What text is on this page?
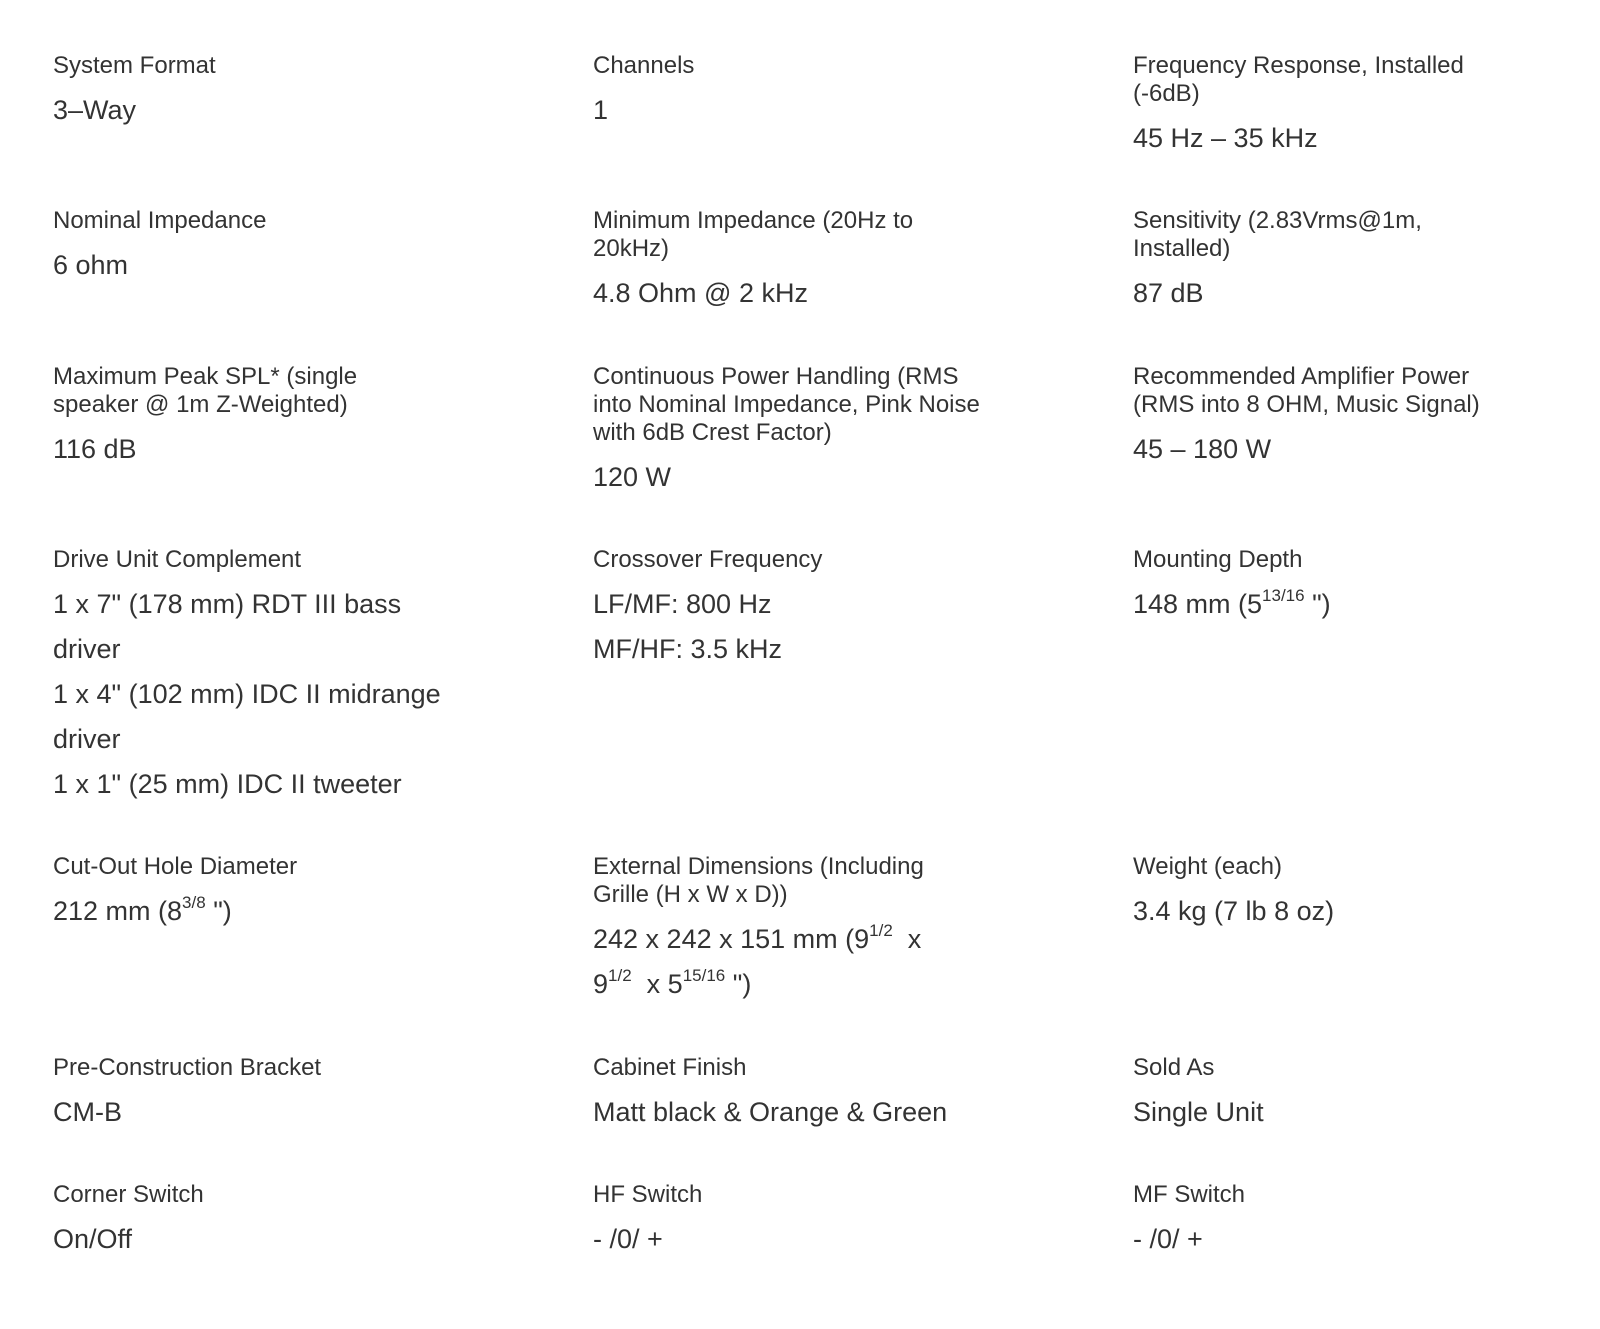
System Format
3–Way
Channels
1
Frequency Response, Installed (-6dB)
45 Hz – 35 kHz
Nominal Impedance
6 ohm
Minimum Impedance (20Hz to 20kHz)
4.8 Ohm @ 2 kHz
Sensitivity (2.83Vrms@1m, Installed)
87 dB
Maximum Peak SPL* (single speaker @ 1m Z-Weighted)
116 dB
Continuous Power Handling (RMS into Nominal Impedance, Pink Noise with 6dB Crest Factor)
120 W
Recommended Amplifier Power (RMS into 8 OHM, Music Signal)
45 – 180 W
Drive Unit Complement
1 x 7" (178 mm) RDT III bass driver
1 x 4" (102 mm) IDC II midrange driver
1 x 1" (25 mm) IDC II tweeter
Crossover Frequency
LF/MF: 800 Hz
MF/HF: 3.5 kHz
Mounting Depth
148 mm ($5^{13/16}$ ")
Cut-Out Hole Diameter
212 mm ($8^{3/8}$ ")
External Dimensions (Including Grille (H x W x D))
242 x 242 x 151 mm ($9^{1/2}$  x $9^{1/2}$  x $5^{15/16}$ ")
Weight (each)
3.4 kg (7 lb 8 oz)
Pre-Construction Bracket
CM-B
Cabinet Finish
Matt black & Orange & Green
Sold As
Single Unit
Corner Switch
On/Off
HF Switch
- /0/ +
MF Switch
- /0/ +
